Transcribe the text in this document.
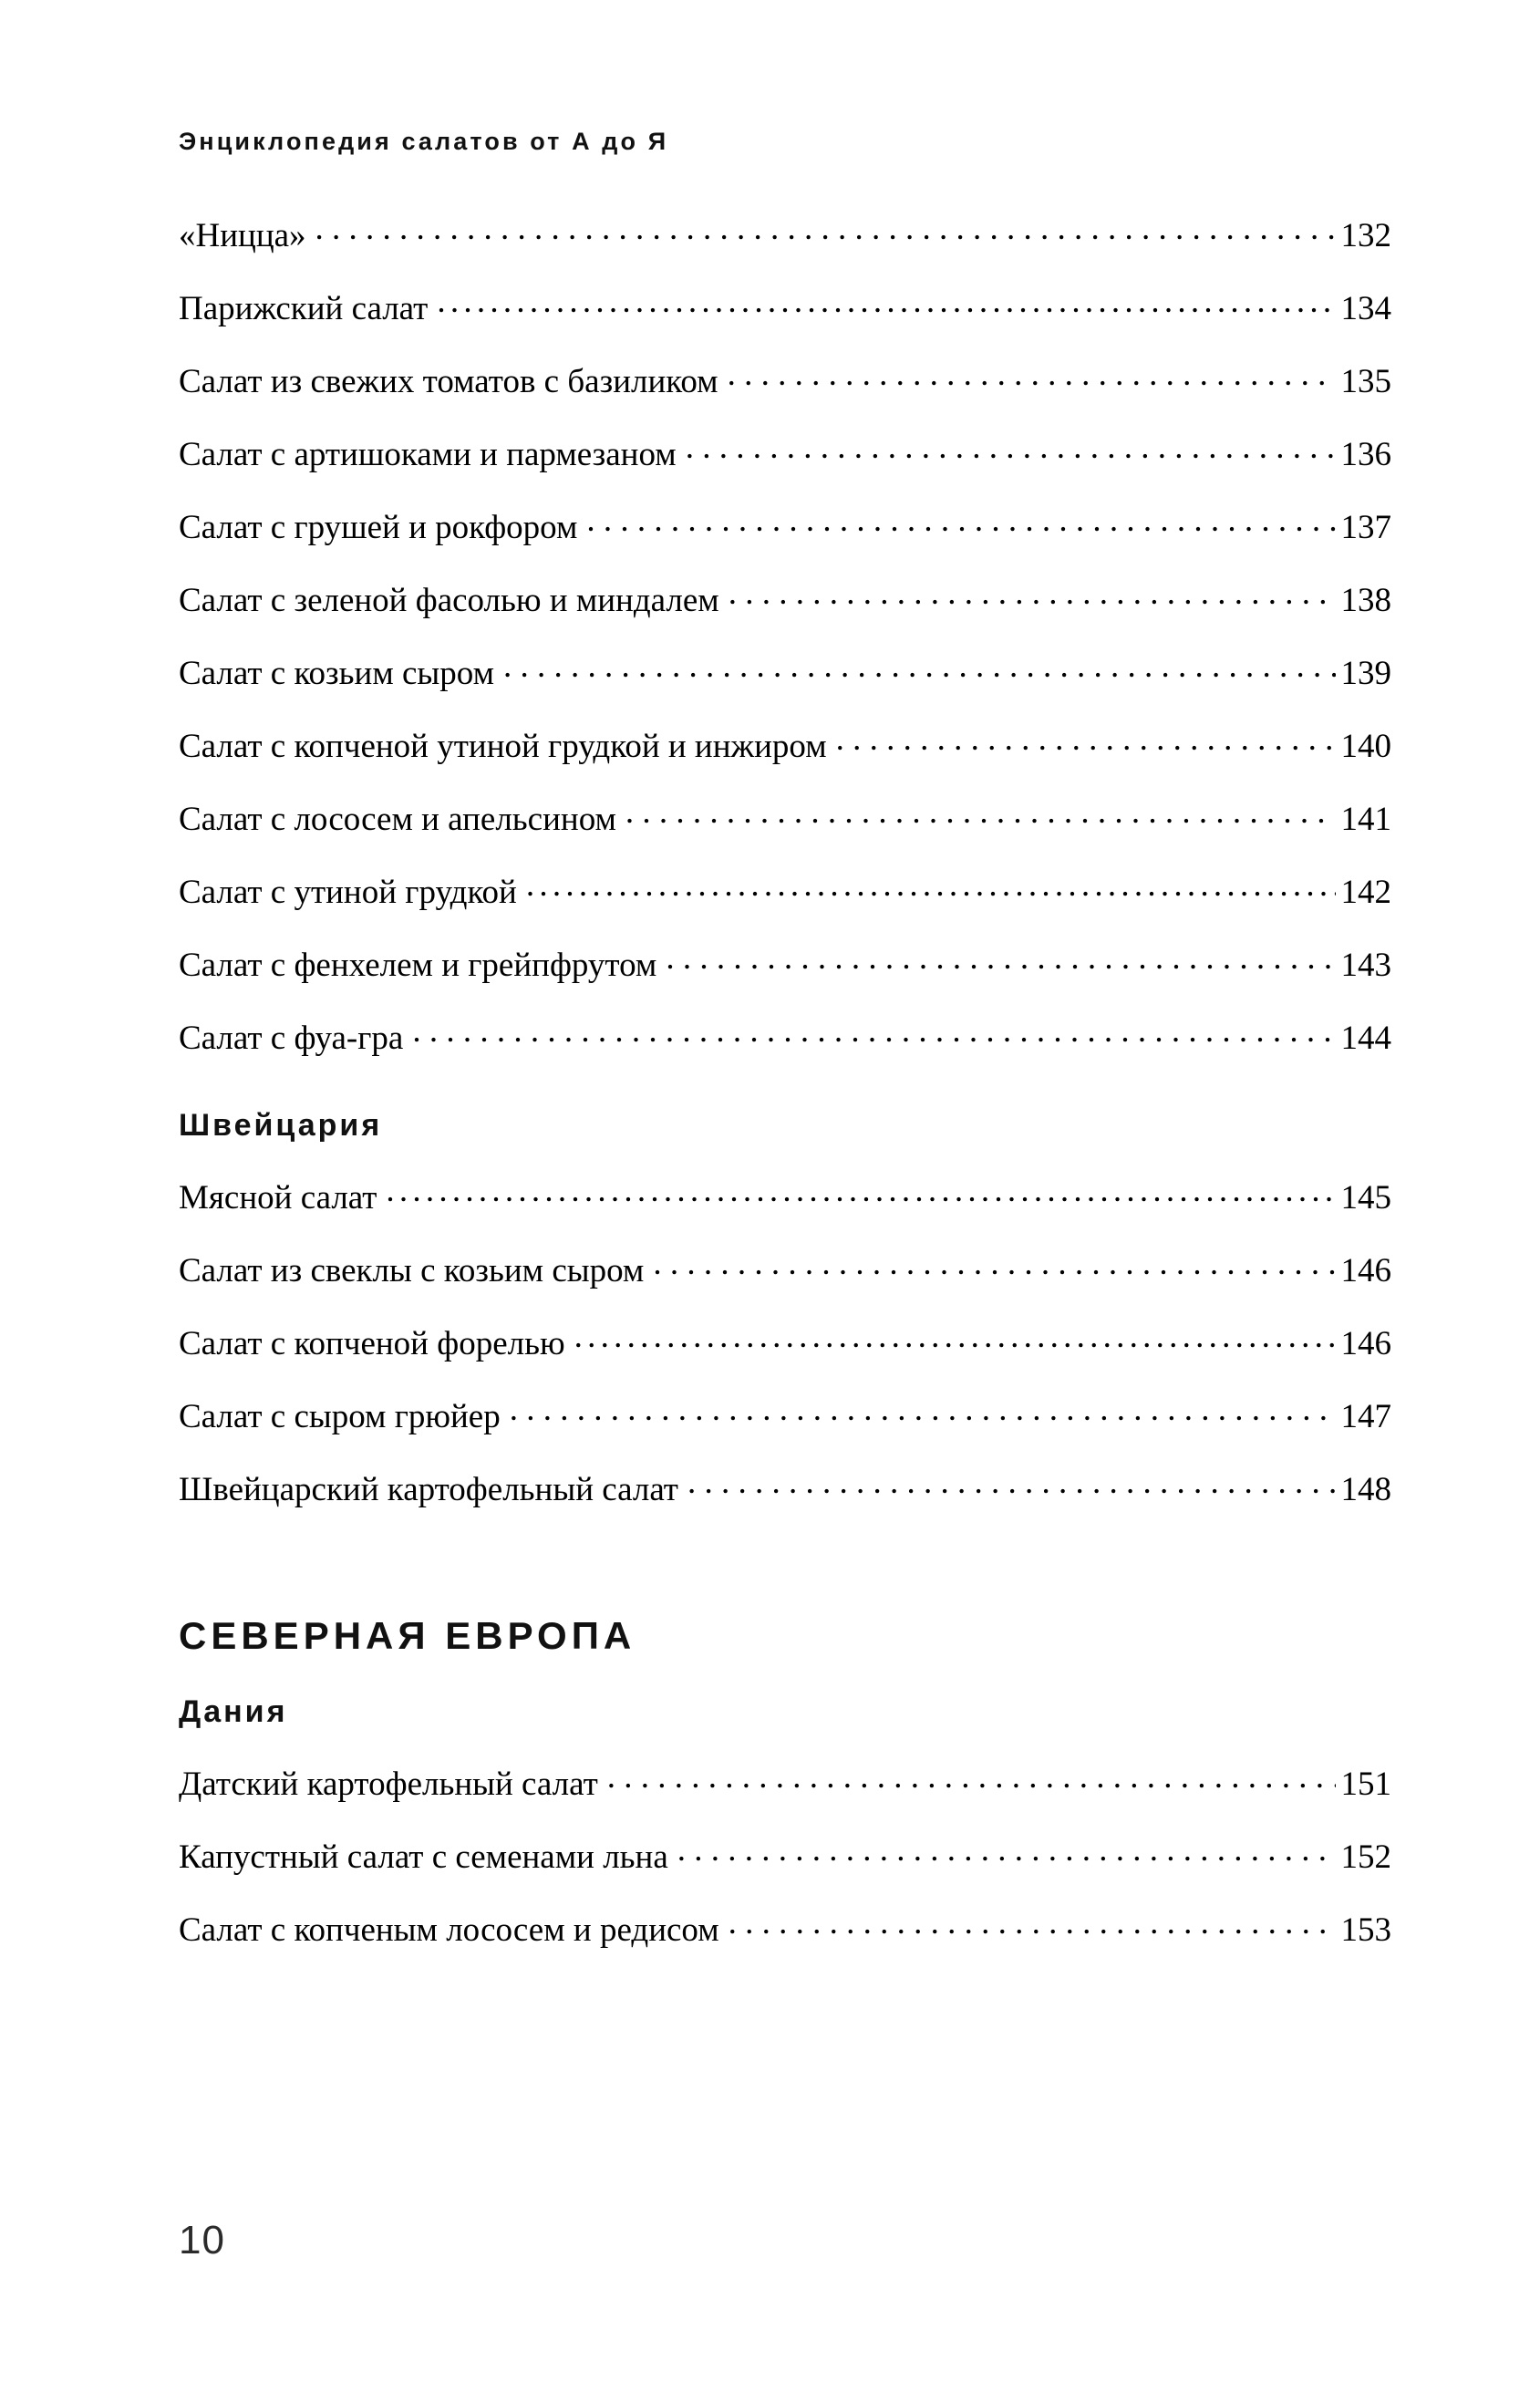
Энциклопедия салатов от А до Я
«Ницца» . . .	132
Парижский салат . . .	134
Салат из свежих томатов с базиликом . . .	135
Салат с артишоками и пармезаном . . .	136
Салат с грушей и рокфором . . .	137
Салат с зеленой фасолью и миндалем . . .	138
Салат с козьим сыром . . .	139
Салат с копченой утиной грудкой и инжиром . . .	140
Салат с лососем и апельсином . . .	141
Салат с утиной грудкой . . .	142
Салат с фенхелем и грейпфрутом . . .	143
Салат с фуа-гра . . .	144
Швейцария
Мясной салат . . .	145
Салат из свеклы с козьим сыром . . .	146
Салат с копченой форелью . . .	146
Салат с сыром грюйер . . .	147
Швейцарский картофельный салат . . .	148
СЕВЕРНАЯ ЕВРОПА
Дания
Датский картофельный салат . . .	151
Капустный салат с семенами льна . . .	152
Салат с копченым лососем и редисом . . .	153
10
